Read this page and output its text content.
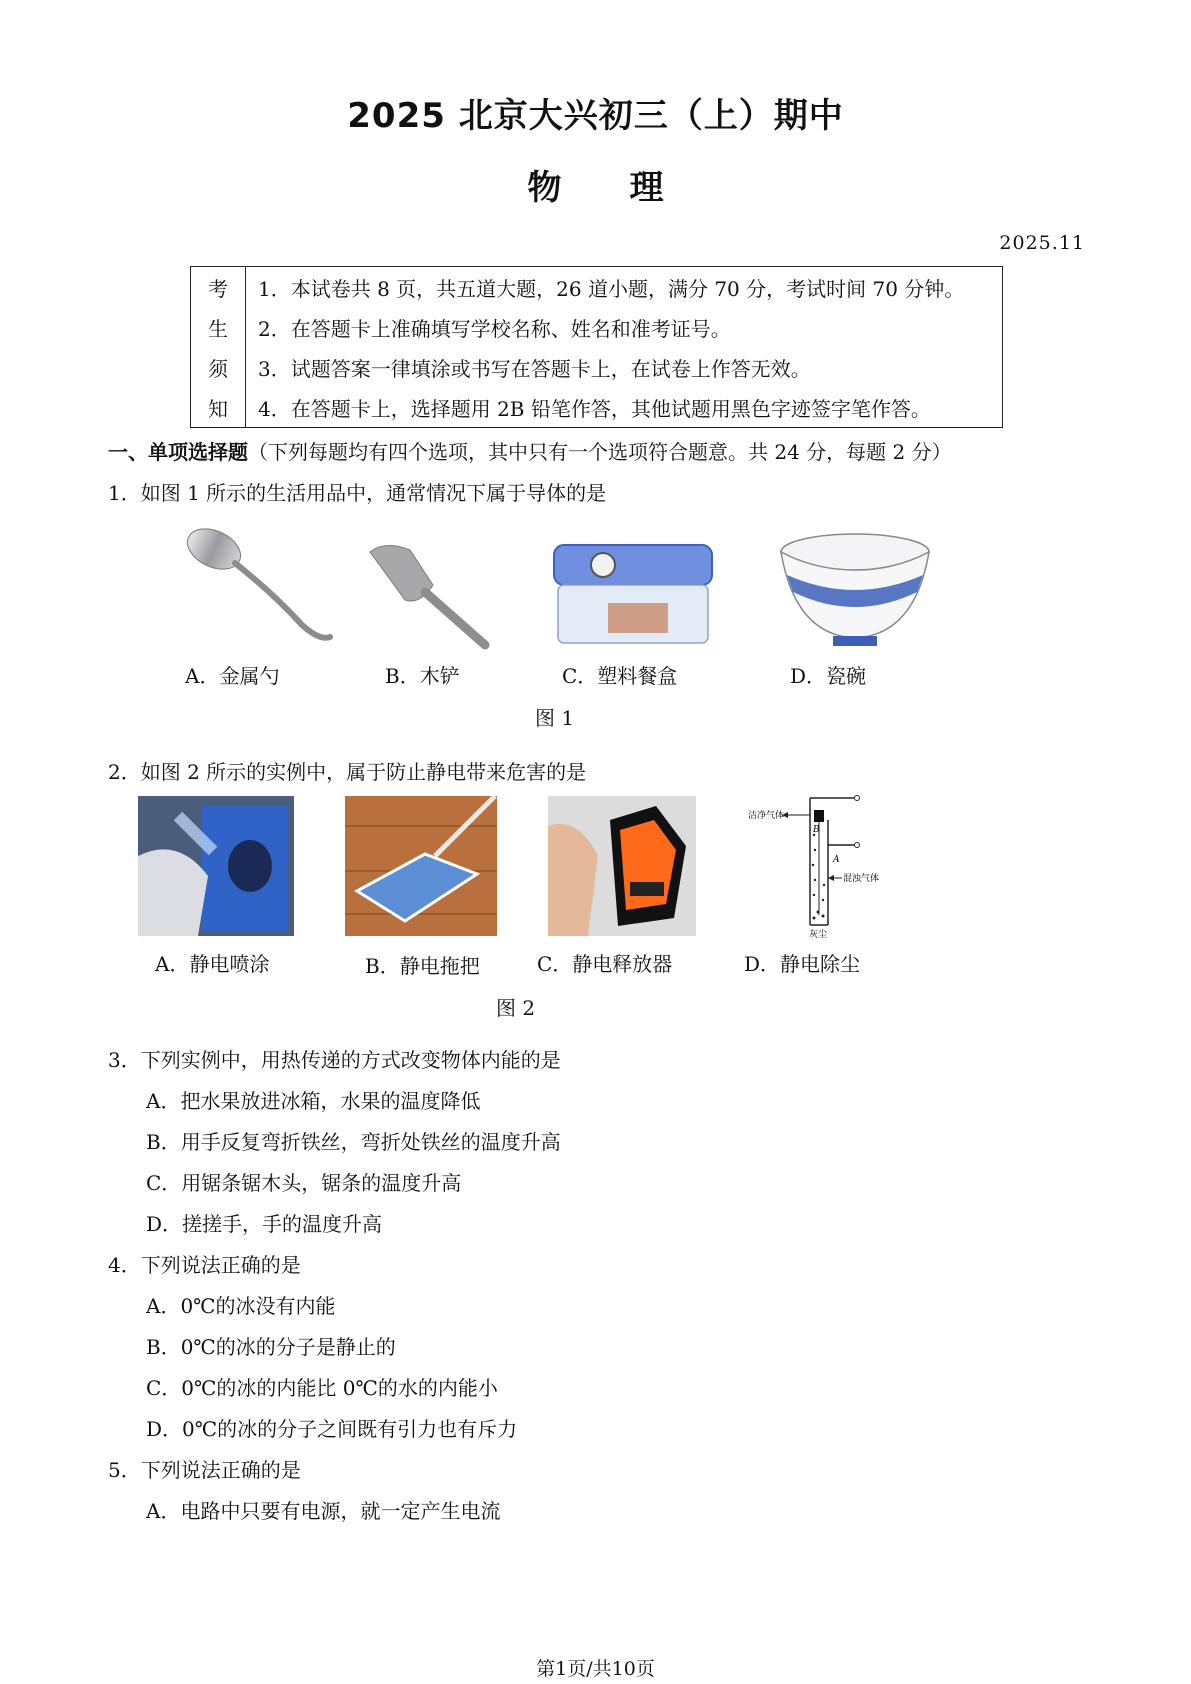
2025 北京大兴初三（上）期中
物　　理
2025.11
考	1．本试卷共 8 页，共五道大题，26 道小题，满分 70 分，考试时间 70 分钟。
生	2．在答题卡上准确填写学校名称、姓名和准考证号。
须	3．试题答案一律填涂或书写在答题卡上，在试卷上作答无效。
知	4．在答题卡上，选择题用 2B 铅笔作答，其他试题用黑色字迹签字笔作答。
一、单项选择题（下列每题均有四个选项，其中只有一个选项符合题意。共 24 分，每题 2 分）
1．如图 1 所示的生活用品中，通常情况下属于导体的是
A．金属勺	B．木铲	C．塑料餐盒	D．瓷碗
图 1
2．如图 2 所示的实例中，属于防止静电带来危害的是
洁净气体
混浊气体
灰尘
A
B
A．静电喷涂	B．静电拖把	C．静电释放器	D．静电除尘
图 2
3．下列实例中，用热传递的方式改变物体内能的是
A．把水果放进冰箱，水果的温度降低
B．用手反复弯折铁丝，弯折处铁丝的温度升高
C．用锯条锯木头，锯条的温度升高
D．搓搓手，手的温度升高
4．下列说法正确的是
A．0℃的冰没有内能
B．0℃的冰的分子是静止的
C．0℃的冰的内能比 0℃的水的内能小
D．0℃的冰的分子之间既有引力也有斥力
5．下列说法正确的是
A．电路中只要有电源，就一定产生电流
第1页/共10页
